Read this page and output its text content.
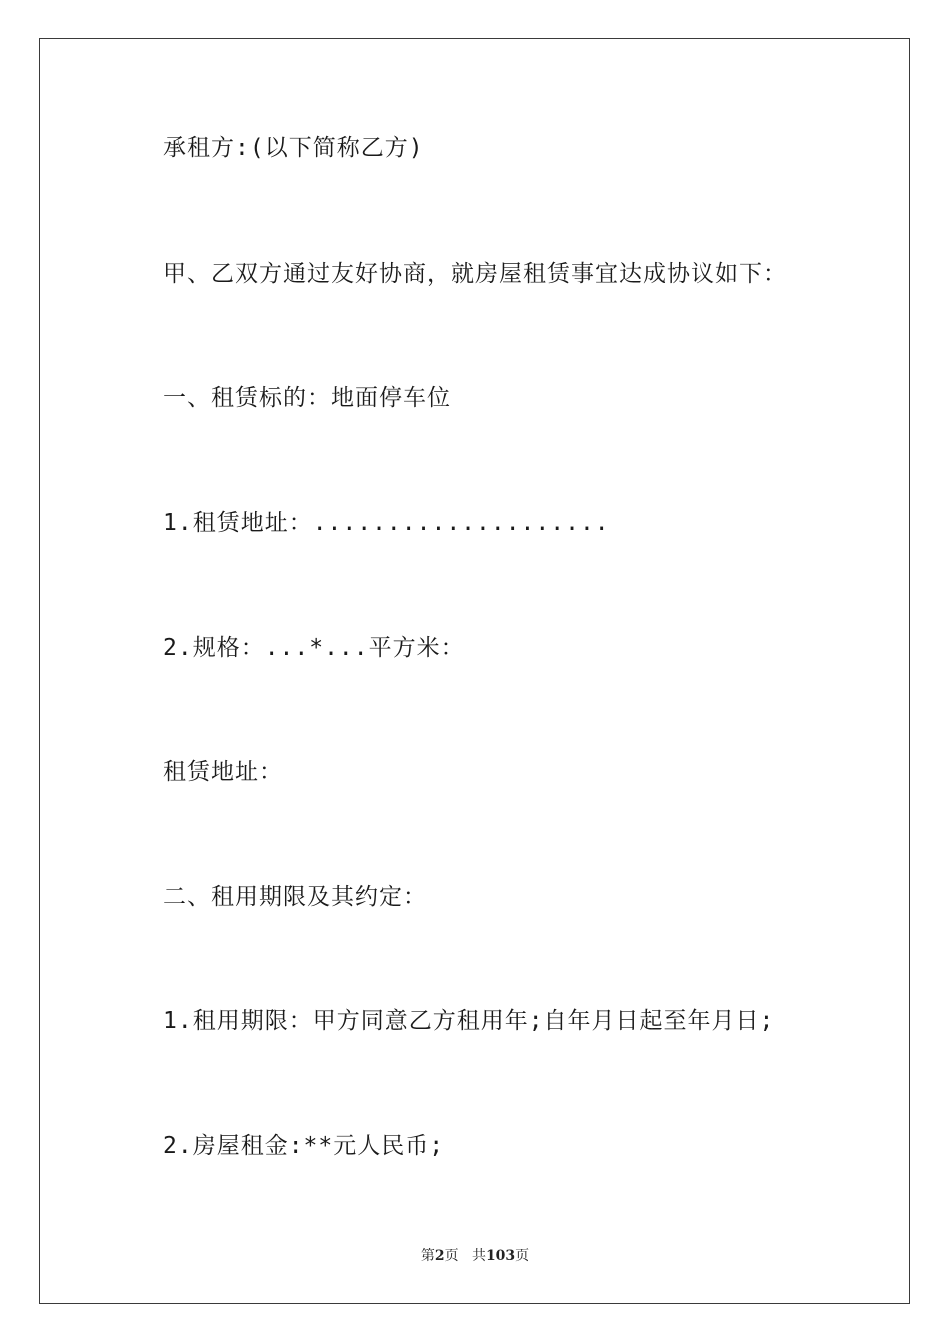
承租方:(以下简称乙方)
甲、乙双方通过友好协商，就房屋租赁事宜达成协议如下：
一、租赁标的：地面停车位
1.租赁地址：....................
2.规格：...*...平方米：
租赁地址：
二、租用期限及其约定：
1.租用期限：甲方同意乙方租用年;自年月日起至年月日;
2.房屋租金:**元人民币;
第2页 共103页
